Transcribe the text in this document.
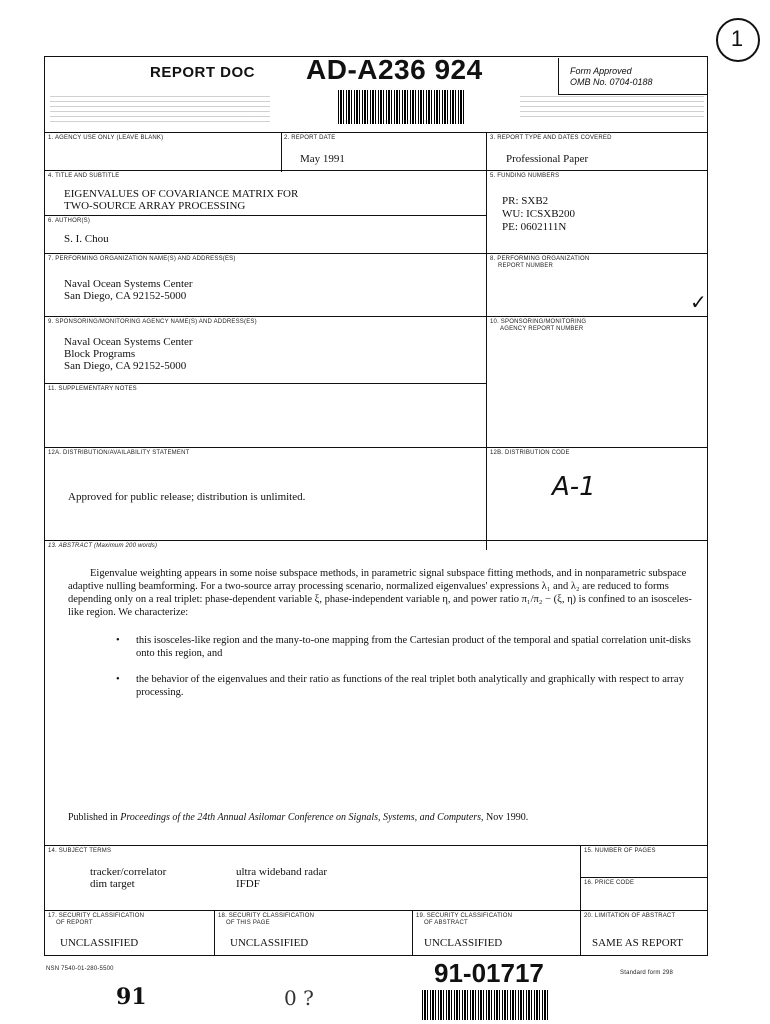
1
REPORT DOC AD-A236 924	Form Approved
OMB No. 0704-0188
1. AGENCY USE ONLY (LEAVE BLANK)	2. REPORT DATE
May 1991
3. REPORT TYPE AND DATES COVERED
Professional Paper
4. TITLE AND SUBTITLE
EIGENVALUES OF COVARIANCE MATRIX FOR
TWO-SOURCE ARRAY PROCESSING
5. FUNDING NUMBERS
PR: SXB2
WU: ICSXB200
PE: 0602111N
6. AUTHOR(S)
S. I. Chou
7. PERFORMING ORGANIZATION NAME(S) AND ADDRESS(ES)
Naval Ocean Systems Center
San Diego, CA 92152-5000
8. PERFORMING ORGANIZATION
REPORT NUMBER
✓
9. SPONSORING/MONITORING AGENCY NAME(S) AND ADDRESS(ES)
Naval Ocean Systems Center
Block Programs
San Diego, CA 92152-5000
10. SPONSORING/MONITORING
AGENCY REPORT NUMBER
11. SUPPLEMENTARY NOTES
12A. DISTRIBUTION/AVAILABILITY STATEMENT
Approved for public release; distribution is unlimited.
12B. DISTRIBUTION CODE
A-1
13. ABSTRACT (Maximum 200 words)
Eigenvalue weighting appears in some noise subspace methods, in parametric signal subspace fitting methods, and in nonparametric subspace adaptive nulling beamforming. For a two-source array processing scenario, normalized eigenvalues' expressions λ₁ and λ₂ are reduced to forms depending only on a real triplet: phase-dependent variable ξ, phase-independent variable η, and power ratio π₁/π₂ − (ξ, η) is confined to an isosceles-like region. We characterize:
• this isosceles-like region and the many-to-one mapping from the Cartesian product of the temporal and spatial correlation unit-disks onto this region, and
• the behavior of the eigenvalues and their ratio as functions of the real triplet both analytically and graphically with respect to array processing.
Published in Proceedings of the 24th Annual Asilomar Conference on Signals, Systems, and Computers, Nov 1990.
14. SUBJECT TERMS
tracker/correlator
dim target
ultra wideband radar
IFDF
15. NUMBER OF PAGES
16. PRICE CODE
17. SECURITY CLASSIFICATION
OF REPORT
UNCLASSIFIED
18. SECURITY CLASSIFICATION
OF THIS PAGE
UNCLASSIFIED
19. SECURITY CLASSIFICATION
OF ABSTRACT
UNCLASSIFIED
20. LIMITATION OF ABSTRACT
SAME AS REPORT
NSN 7540-01-280-5500	91-01717	Standard form 298
91	0 ?
